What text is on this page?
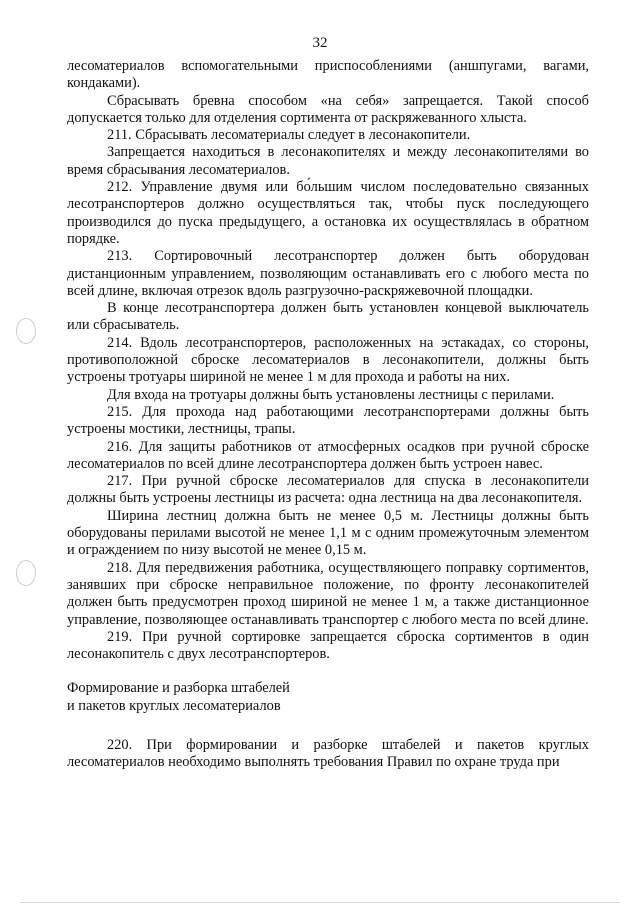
32

лесоматериалов вспомогательными приспособлениями (аншпугами, вагами, кондаками).

Сбрасывать бревна способом «на себя» запрещается. Такой способ допускается только для отделения сортимента от раскряжеванного хлыста.

211. Сбрасывать лесоматериалы следует в лесонакопители.

Запрещается находиться в лесонакопителях и между лесонакопителями во время сбрасывания лесоматериалов.

212. Управление двумя или бо́льшим числом последовательно связанных лесотранспортеров должно осуществляться так, чтобы пуск последующего производился до пуска предыдущего, а остановка их осуществлялась в обратном порядке.

213. Сортировочный лесотранспортер должен быть оборудован дистанционным управлением, позволяющим останавливать его с любого места по всей длине, включая отрезок вдоль разгрузочно-раскряжевочной площадки.

В конце лесотранспортера должен быть установлен концевой выключатель или сбрасыватель.

214. Вдоль лесотранспортеров, расположенных на эстакадах, со стороны, противоположной сброске лесоматериалов в лесонакопители, должны быть устроены тротуары шириной не менее 1 м для прохода и работы на них.

Для входа на тротуары должны быть установлены лестницы с перилами.

215. Для прохода над работающими лесотранспортерами должны быть устроены мостики, лестницы, трапы.

216. Для защиты работников от атмосферных осадков при ручной сброске лесоматериалов по всей длине лесотранспортера должен быть устроен навес.

217. При ручной сброске лесоматериалов для спуска в лесонакопители должны быть устроены лестницы из расчета: одна лестница на два лесонакопителя.

Ширина лестниц должна быть не менее 0,5 м. Лестницы должны быть оборудованы перилами высотой не менее 1,1 м с одним промежуточным элементом и ограждением по низу высотой не менее 0,15 м.

218. Для передвижения работника, осуществляющего поправку сортиментов, занявших при сброске неправильное положение, по фронту лесонакопителей должен быть предусмотрен проход шириной не менее 1 м, а также дистанционное управление, позволяющее останавливать транспортер с любого места по всей длине.

219. При ручной сортировке запрещается сброска сортиментов в один лесонакопитель с двух лесотранспортеров.

Формирование и разборка штабелей

и пакетов круглых лесоматериалов

220. При формировании и разборке штабелей и пакетов круглых лесоматериалов необходимо выполнять требования Правил по охране труда при
